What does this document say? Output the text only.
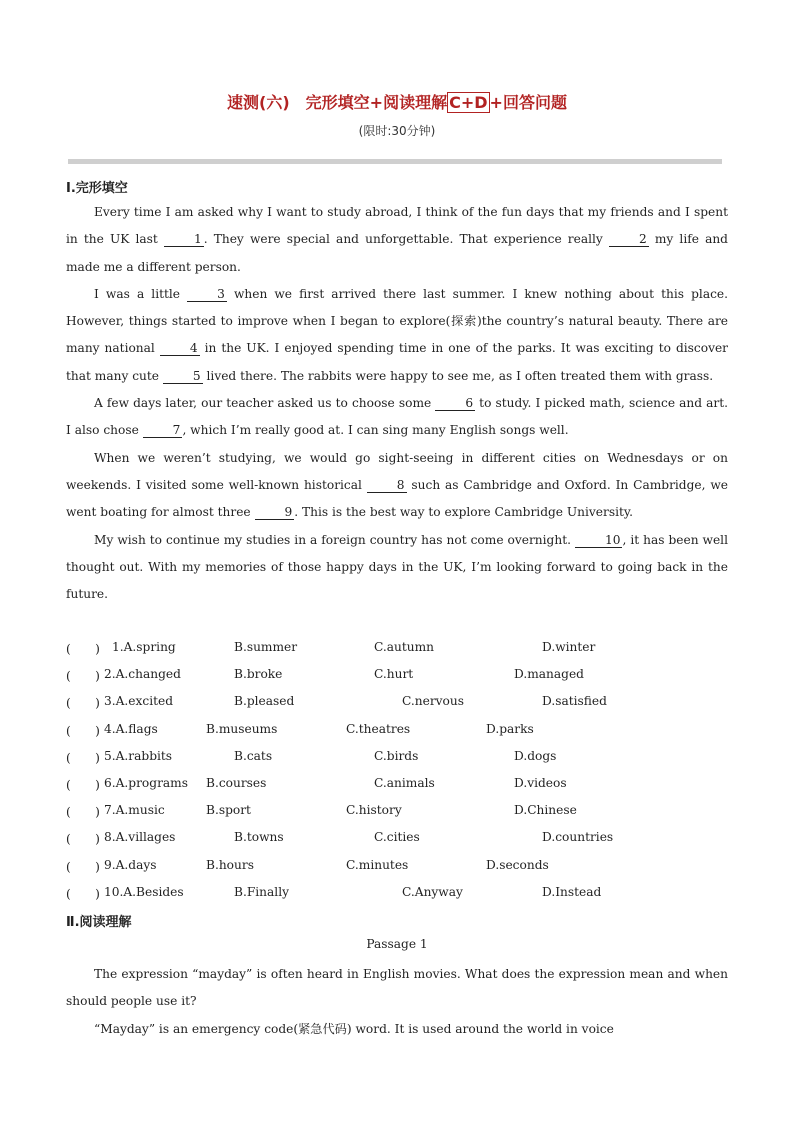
速测(六)　完形填空+阅读理解 C+D +回答问题
(限时:30分钟)
Ⅰ.完形填空

Every time I am asked why I want to study abroad, I think of the fun days that my friends and I spent in the UK last 1 . They were special and unforgettable. That experience really 2 my life and made me a different person.

I was a little 3 when we first arrived there last summer. I knew nothing about this place. However, things started to improve when I began to explore(探索)the country’s natural beauty. There are many national 4 in the UK. I enjoyed spending time in one of the parks. It was exciting to discover that many cute 5 lived there. The rabbits were happy to see me, as I often treated them with grass.

A few days later, our teacher asked us to choose some 6 to study. I picked math, science and art. I also chose 7 , which I’m really good at. I can sing many English songs well.

When we weren’t studying, we would go sight-seeing in different cities on Wednesdays or on weekends. I visited some well-known historical 8 such as Cambridge and Oxford. In Cambridge, we went boating for almost three 9 . This is the best way to explore Cambridge University.

My wish to continue my studies in a foreign country has not come overnight. 10 , it has been well thought out. With my memories of those happy days in the UK, I’m looking forward to going back in the future.

(　　) 1.A.spring	B.summer	C.autumn	D.winter
(　　) 2.A.changed	B.broke	C.hurt	D.managed
(　　) 3.A.excited	B.pleased	C.nervous	D.satisfied
(　　) 4.A.flags	B.museums	C.theatres	D.parks
(　　) 5.A.rabbits	B.cats	C.birds	D.dogs
(　　) 6.A.programs B.courses	C.animals	D.videos
(　　) 7.A.music	B.sport	C.history	D.Chinese
(　　) 8.A.villages	B.towns	C.cities	D.countries
(　　) 9.A.days	B.hours	C.minutes	D.seconds
(　　) 10.A.Besides	B.Finally	C.Anyway	D.Instead
Ⅱ.阅读理解
Passage 1

The expression “mayday” is often heard in English movies. What does the expression mean and when should people use it?

“Mayday” is an emergency code(紧急代码) word. It is used around the world in voice
